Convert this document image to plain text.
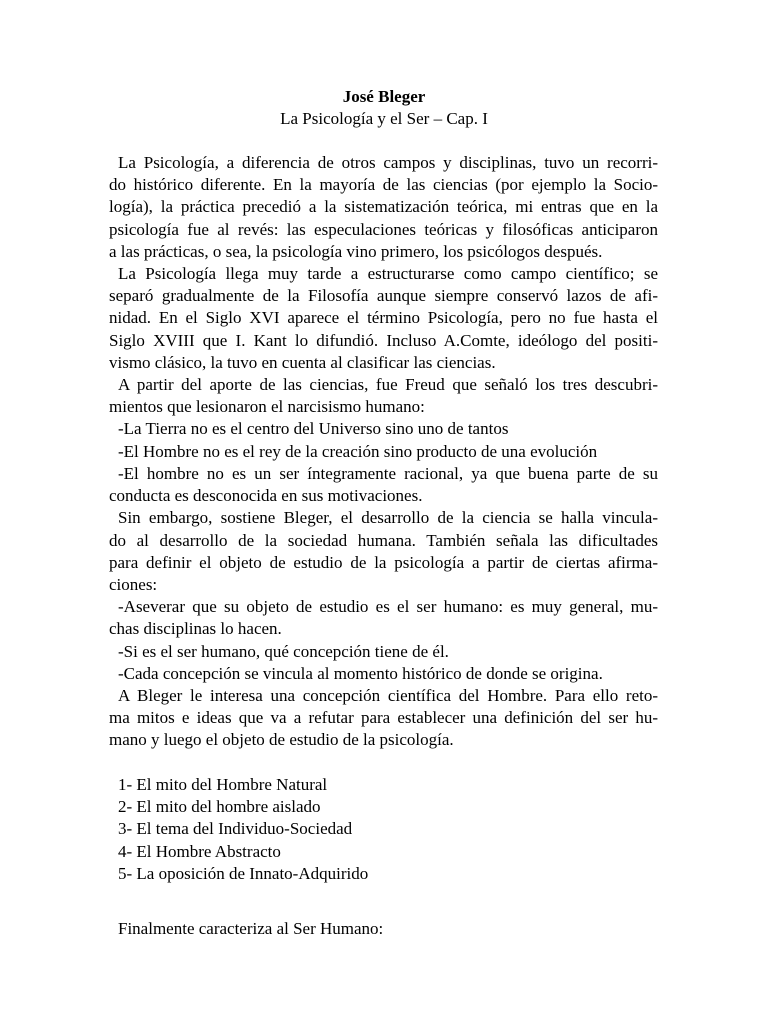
José Bleger
La Psicología y el Ser – Cap. I
La Psicología, a diferencia de otros campos y disciplinas, tuvo un recorri-
do histórico diferente. En la mayoría de las ciencias (por ejemplo la Socio-
logía), la práctica precedió a la sistematización teórica, mi entras que en la
psicología fue al revés: las especulaciones teóricas y filosóficas anticiparon
a las prácticas, o sea, la psicología vino primero, los psicólogos después.
La Psicología llega muy tarde a estructurarse como campo científico; se
separó gradualmente de la Filosofía aunque siempre conservó lazos de afi-
nidad. En el Siglo XVI aparece el término Psicología, pero no fue hasta el
Siglo XVIII que I. Kant lo difundió. Incluso A.Comte, ideólogo del positi-
vismo clásico, la tuvo en cuenta al clasificar las ciencias.
A partir del aporte de las ciencias, fue Freud que señaló los tres descubri-
mientos que lesionaron el narcisismo humano:
-La Tierra no es el centro del Universo sino uno de tantos
-El Hombre no es el rey de la creación sino producto de una evolución
-El hombre no es un ser íntegramente racional, ya que buena parte de su
conducta es desconocida en sus motivaciones.
Sin embargo, sostiene Bleger, el desarrollo de la ciencia se halla vincula-
do al desarrollo de la sociedad humana. También señala las dificultades
para definir el objeto de estudio de la psicología a partir de ciertas afirma-
ciones:
-Aseverar que su objeto de estudio es el ser humano: es muy general, mu-
chas disciplinas lo hacen.
-Si es el ser humano, qué concepción tiene de él.
-Cada concepción se vincula al momento histórico de donde se origina.
A Bleger le interesa una concepción científica del Hombre. Para ello reto-
ma mitos e ideas que va a refutar para establecer una definición del ser hu-
mano y luego el objeto de estudio de la psicología.
1- El mito del Hombre Natural
2- El mito del hombre aislado
3- El tema del Individuo-Sociedad
4- El Hombre Abstracto
5- La oposición de Innato-Adquirido
Finalmente caracteriza al Ser Humano:
